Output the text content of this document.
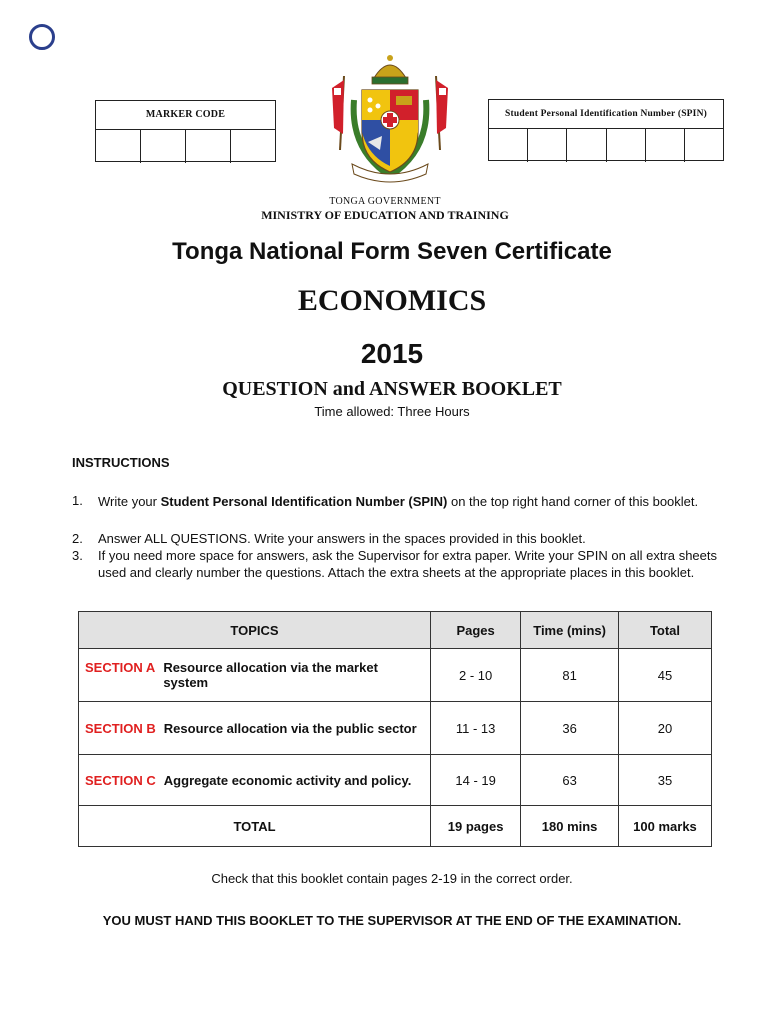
MARKER CODE	Student Personal Identification Number (SPIN)
TONGA GOVERNMENT
MINISTRY OF EDUCATION AND TRAINING
Tonga National Form Seven Certificate
ECONOMICS
2015
QUESTION and ANSWER BOOKLET
Time allowed: Three Hours
INSTRUCTIONS
1. Write your Student Personal Identification Number (SPIN) on the top right hand corner of this booklet.
2. Answer ALL QUESTIONS. Write your answers in the spaces provided in this booklet.
3. If you need more space for answers, ask the Supervisor for extra paper. Write your SPIN on all extra sheets used and clearly number the questions. Attach the extra sheets at the appropriate places in this booklet.
TOPICS	Pages	Time (mins)	Total

SECTION A Resource allocation via the market system	2 - 10	81	45

SECTION B Resource allocation via the public sector	11 - 13	36	20

SECTION C Aggregate economic activity and policy.	14 - 19	63	35
TOTAL	19 pages	180 mins	100 marks
Check that this booklet contain pages 2-19 in the correct order.
YOU MUST HAND THIS BOOKLET TO THE SUPERVISOR AT THE END OF THE EXAMINATION.
